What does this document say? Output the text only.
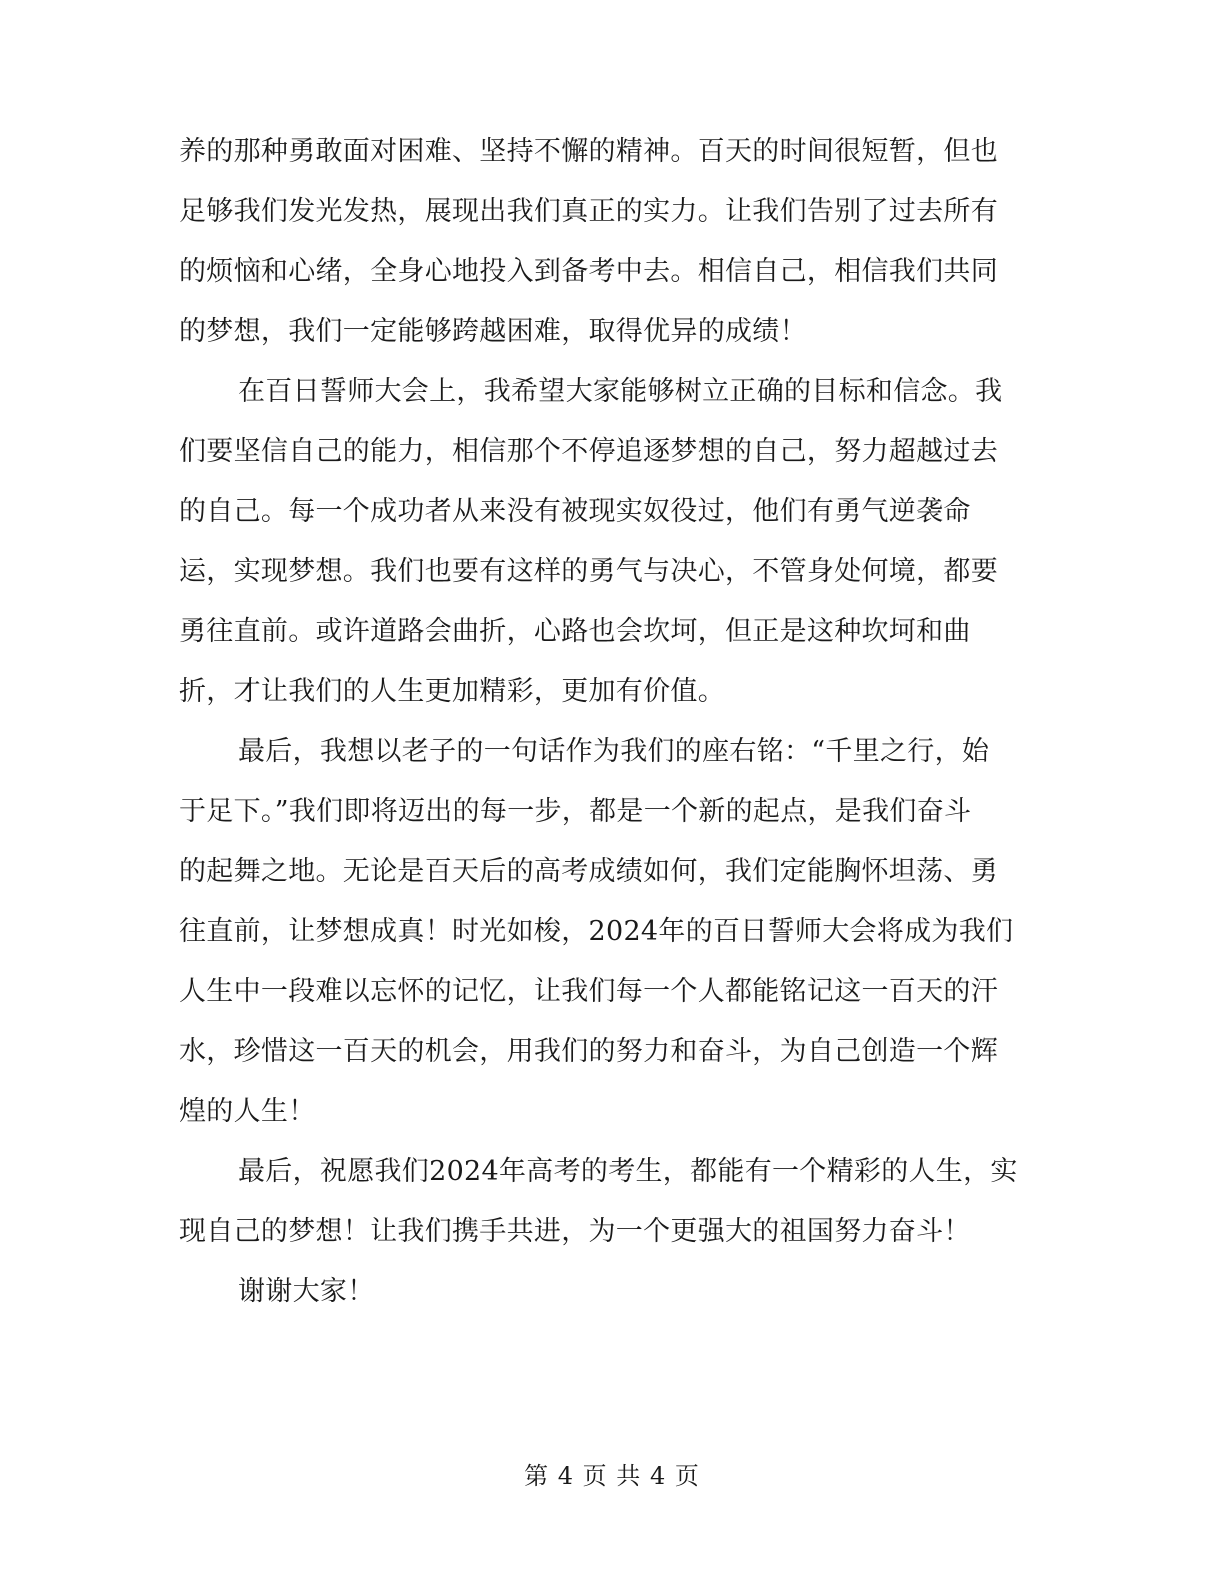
养的那种勇敢面对困难、坚持不懈的精神。百天的时间很短暂，但也
足够我们发光发热，展现出我们真正的实力。让我们告别了过去所有
的烦恼和心绪，全身心地投入到备考中去。相信自己，相信我们共同
的梦想，我们一定能够跨越困难，取得优异的成绩！
在百日誓师大会上，我希望大家能够树立正确的目标和信念。我
们要坚信自己的能力，相信那个不停追逐梦想的自己，努力超越过去
的自己。每一个成功者从来没有被现实奴役过，他们有勇气逆袭命
运，实现梦想。我们也要有这样的勇气与决心，不管身处何境，都要
勇往直前。或许道路会曲折，心路也会坎坷，但正是这种坎坷和曲
折，才让我们的人生更加精彩，更加有价值。
最后，我想以老子的一句话作为我们的座右铭：“千里之行，始
于足下。”我们即将迈出的每一步，都是一个新的起点，是我们奋斗
的起舞之地。无论是百天后的高考成绩如何，我们定能胸怀坦荡、勇
往直前，让梦想成真！时光如梭，2024年的百日誓师大会将成为我们
人生中一段难以忘怀的记忆，让我们每一个人都能铭记这一百天的汗
水，珍惜这一百天的机会，用我们的努力和奋斗，为自己创造一个辉
煌的人生！
最后，祝愿我们2024年高考的考生，都能有一个精彩的人生，实
现自己的梦想！让我们携手共进，为一个更强大的祖国努力奋斗！
谢谢大家！
第 4 页 共 4 页
